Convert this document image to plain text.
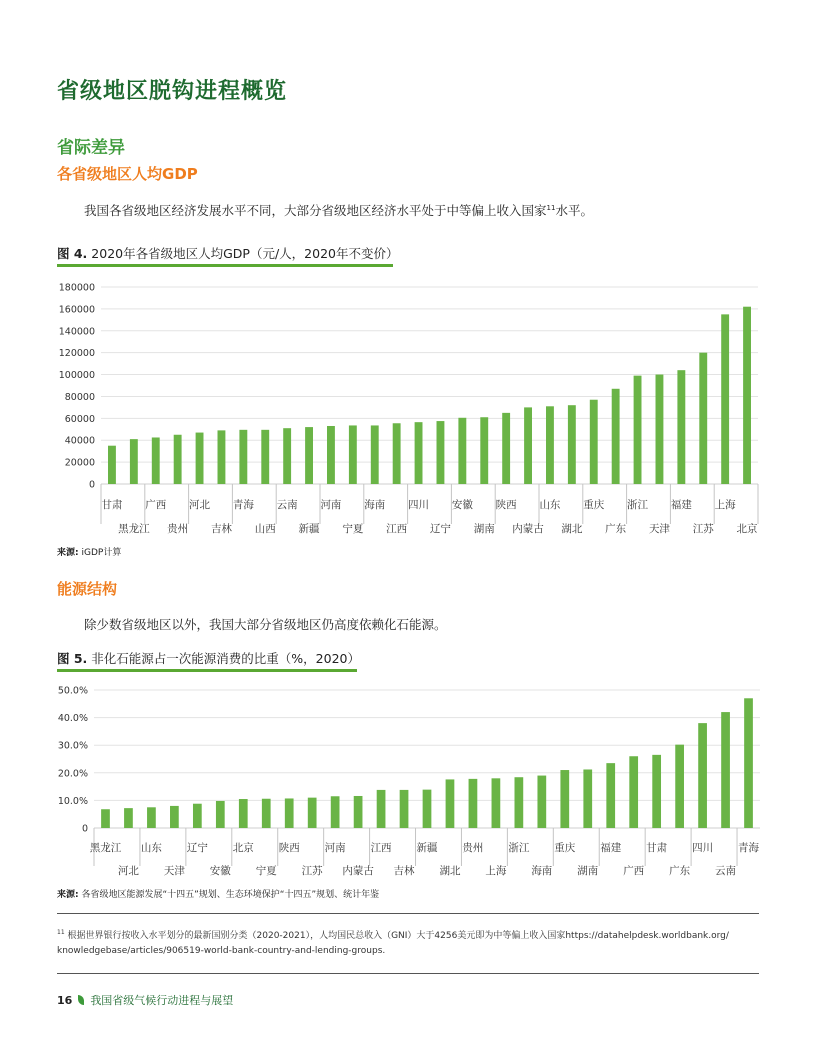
省级地区脱钩进程概览
省际差异
各省级地区人均GDP
我国各省级地区经济发展水平不同，大部分省级地区经济水平处于中等偏上收入国家$^{11}$水平。
图 4. 2020年各省级地区人均GDP（元/人，2020年不变价）
0
20000
40000
60000
80000
100000
120000
140000
160000
180000
甘肃
黑龙江
广西
贵州
河北
吉林
青海
山西
云南
新疆
河南
宁夏
海南
江西
四川
辽宁
安徽
湖南
陕西
内蒙古
山东
湖北
重庆
广东
浙江
天津
福建
江苏
上海
北京
来源: iGDP计算
能源结构
除少数省级地区以外，我国大部分省级地区仍高度依赖化石能源。
图 5. 非化石能源占一次能源消费的比重（%，2020）
0
10.0%
20.0%
30.0%
40.0%
50.0%
黑龙江
河北
山东
天津
辽宁
安徽
北京
宁夏
陕西
江苏
河南
内蒙古
江西
吉林
新疆
湖北
贵州
上海
浙江
海南
重庆
湖南
福建
广西
甘肃
广东
四川
云南
青海
来源: 各省级地区能源发展“十四五”规划、生态环境保护“十四五”规划、统计年鉴
$^{11}$ 根据世界银行按收入水平划分的最新国别分类（2020-2021），人均国民总收入（GNI）大于4256美元即为中等偏上收入国家https://datahelpdesk.worldbank.org/
knowledgebase/articles/906519-world-bank-country-and-lending-groups.
16 我国省级气候行动进程与展望
